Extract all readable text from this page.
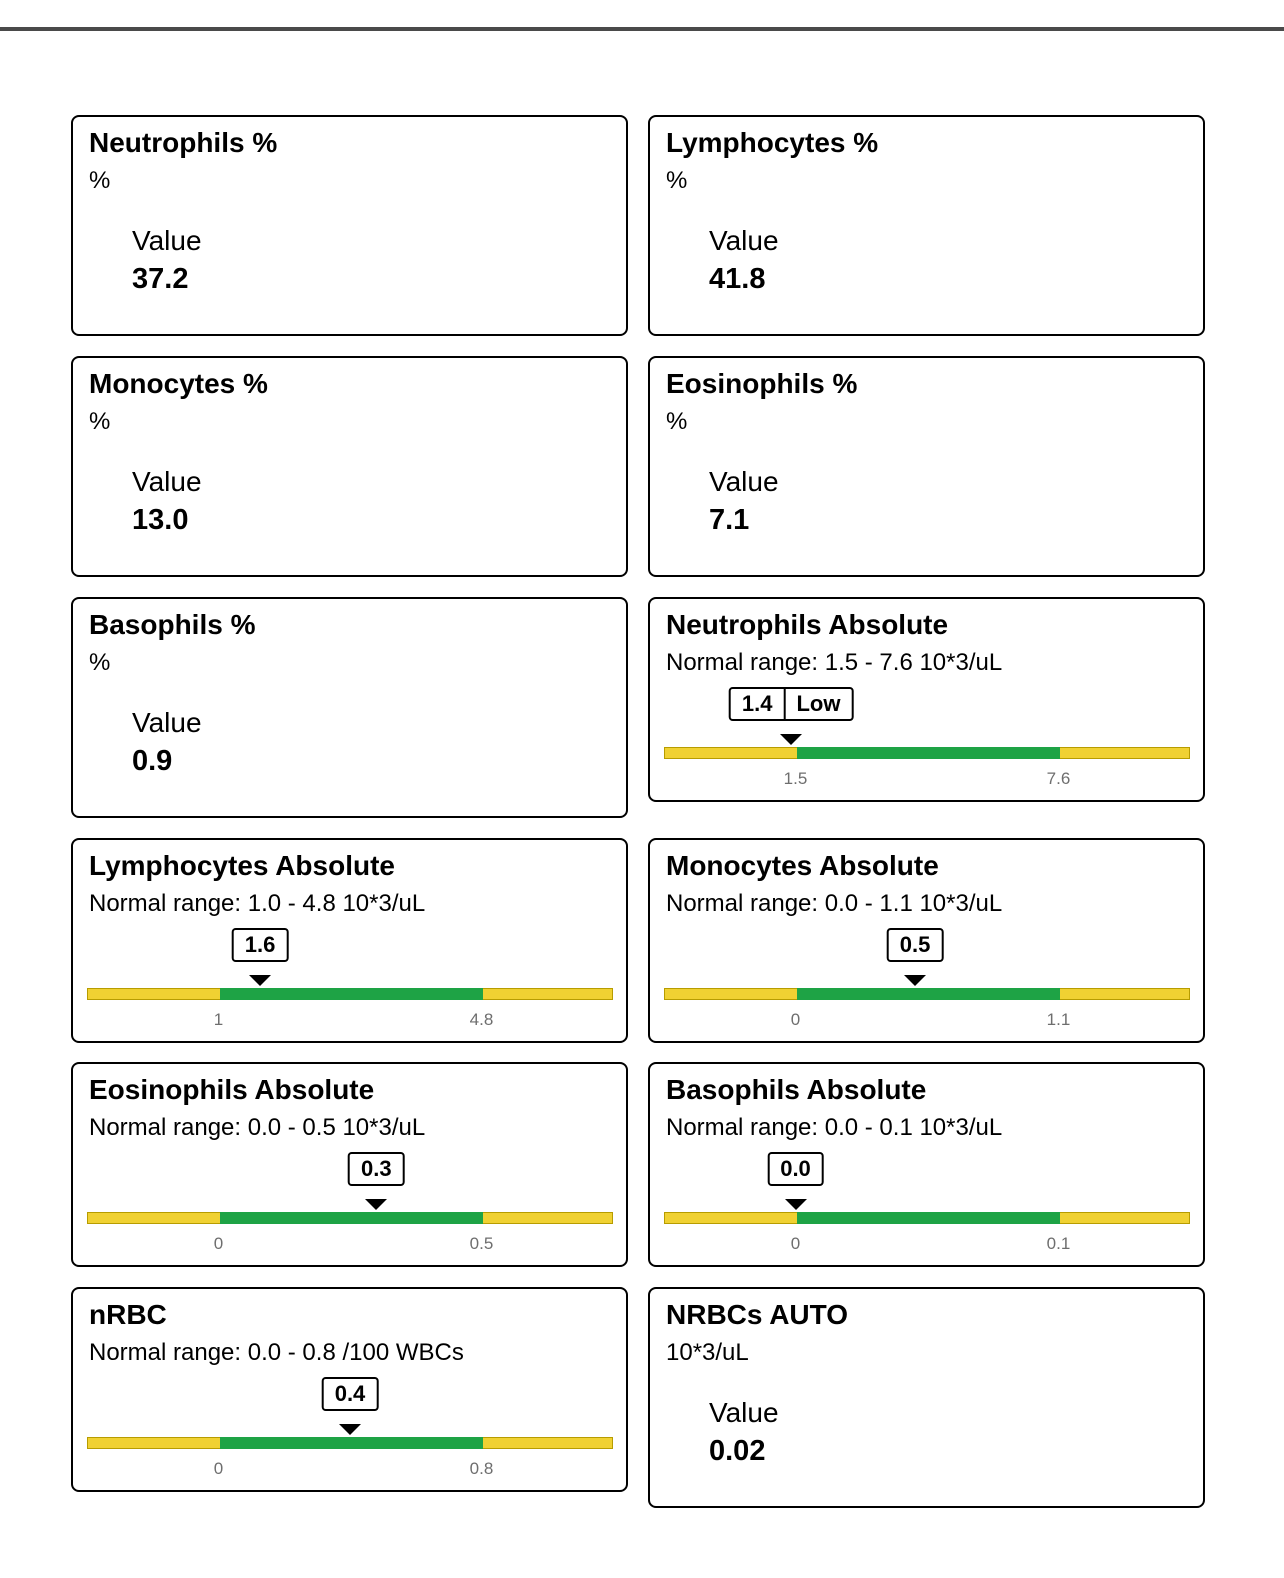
Neutrophils %
%
Value
37.2
Lymphocytes %
%
Value
41.8
Monocytes %
%
Value
13.0
Eosinophils %
%
Value
7.1
Basophils %
%
Value
0.9
Neutrophils Absolute
Normal range: 1.5 - 7.6 10*3/uL
1.4	Low
1.5	7.6
Lymphocytes Absolute
Normal range: 1.0 - 4.8 10*3/uL
1.6
1	4.8
Monocytes Absolute
Normal range: 0.0 - 1.1 10*3/uL
0.5
0	1.1
Eosinophils Absolute
Normal range: 0.0 - 0.5 10*3/uL
0.3
0	0.5
Basophils Absolute
Normal range: 0.0 - 0.1 10*3/uL
0.0
0	0.1
nRBC
Normal range: 0.0 - 0.8 /100 WBCs
0.4
0	0.8
NRBCs AUTO
10*3/uL
Value
0.02
